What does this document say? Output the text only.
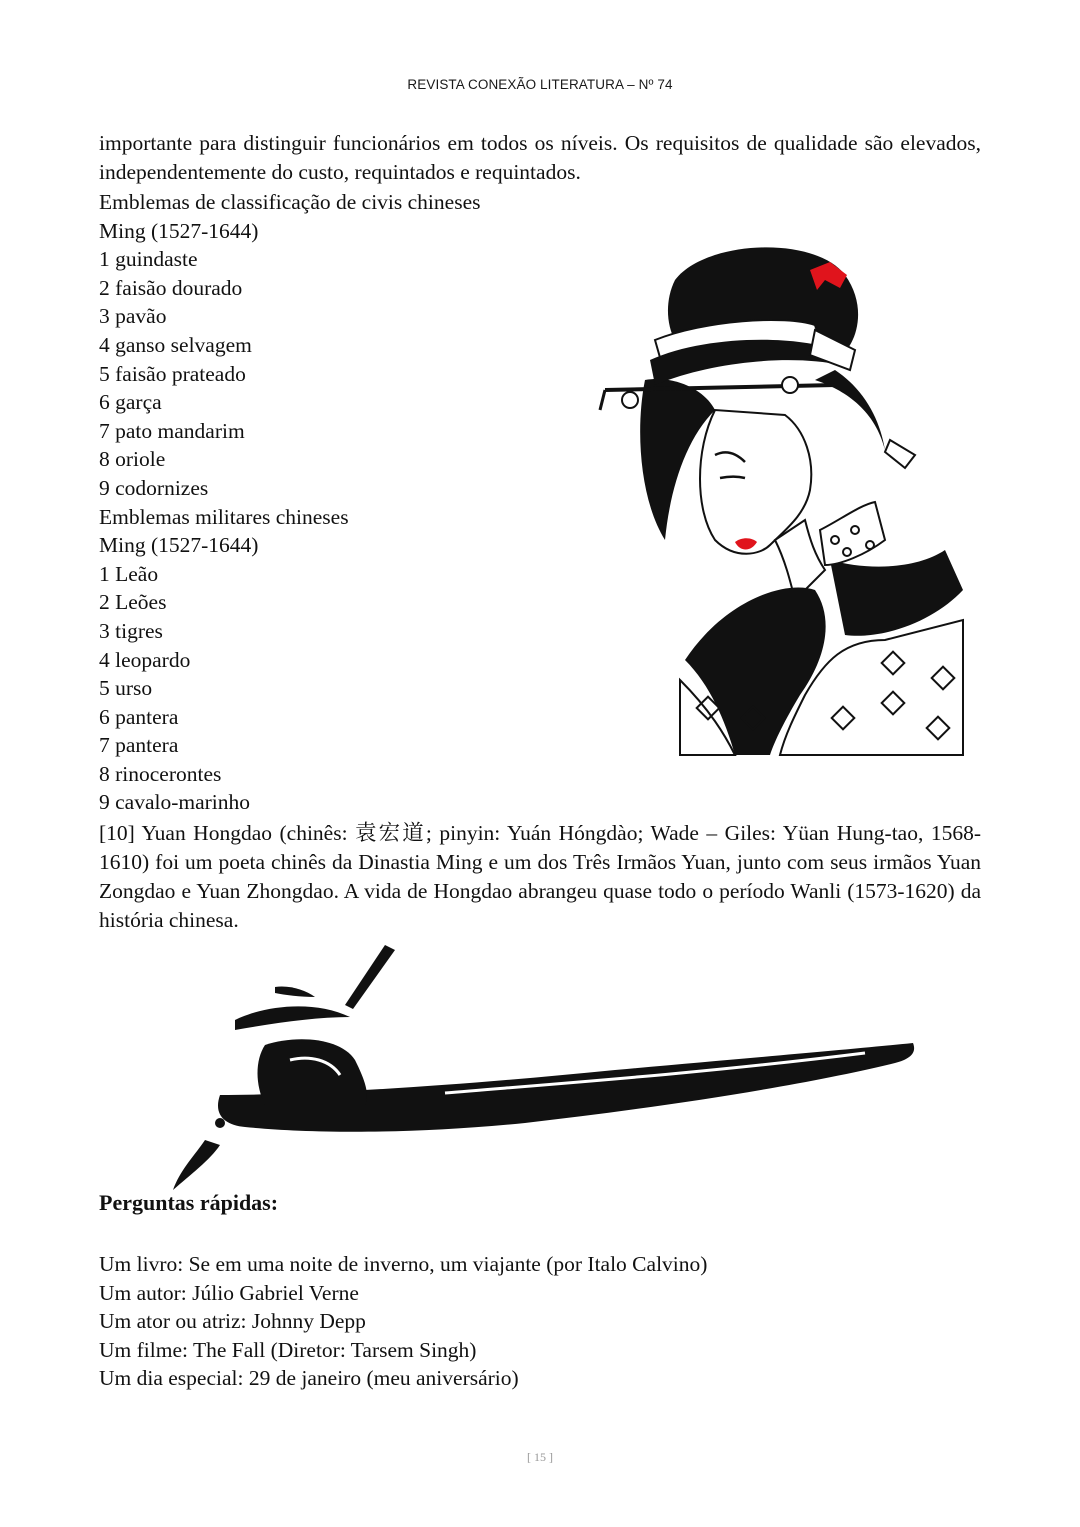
REVISTA CONEXÃO LITERATURA – Nº 74

importante para distinguir funcionários em todos os níveis. Os requisitos de qualidade são elevados, independentemente do custo, requintados e requintados.

Emblemas de classificação de civis chineses
Ming (1527-1644)
1 guindaste
2 faisão dourado
3 pavão
4 ganso selvagem
5 faisão prateado
6 garça
7 pato mandarim
8 oriole
9 codornizes
Emblemas militares chineses
Ming (1527-1644)
1 Leão
2 Leões
3 tigres
4 leopardo
5 urso
6 pantera
7 pantera
8 rinocerontes
9 cavalo-marinho

[10] Yuan Hongdao (chinês: 袁宏道; pinyin: Yuán Hóngdào; Wade – Giles: Yüan Hung-tao, 1568-1610) foi um poeta chinês da Dinastia Ming e um dos Três Irmãos Yuan, junto com seus irmãos Yuan Zongdao e Yuan Zhongdao. A vida de Hongdao abrangeu quase todo o período Wanli (1573-1620) da história chinesa.

Perguntas rápidas:
Um livro: Se em uma noite de inverno, um viajante (por Italo Calvino)
Um autor: Júlio Gabriel Verne
Um ator ou atriz: Johnny Depp
Um filme: The Fall (Diretor: Tarsem Singh)
Um dia especial: 29 de janeiro (meu aniversário)
[ 15 ]
